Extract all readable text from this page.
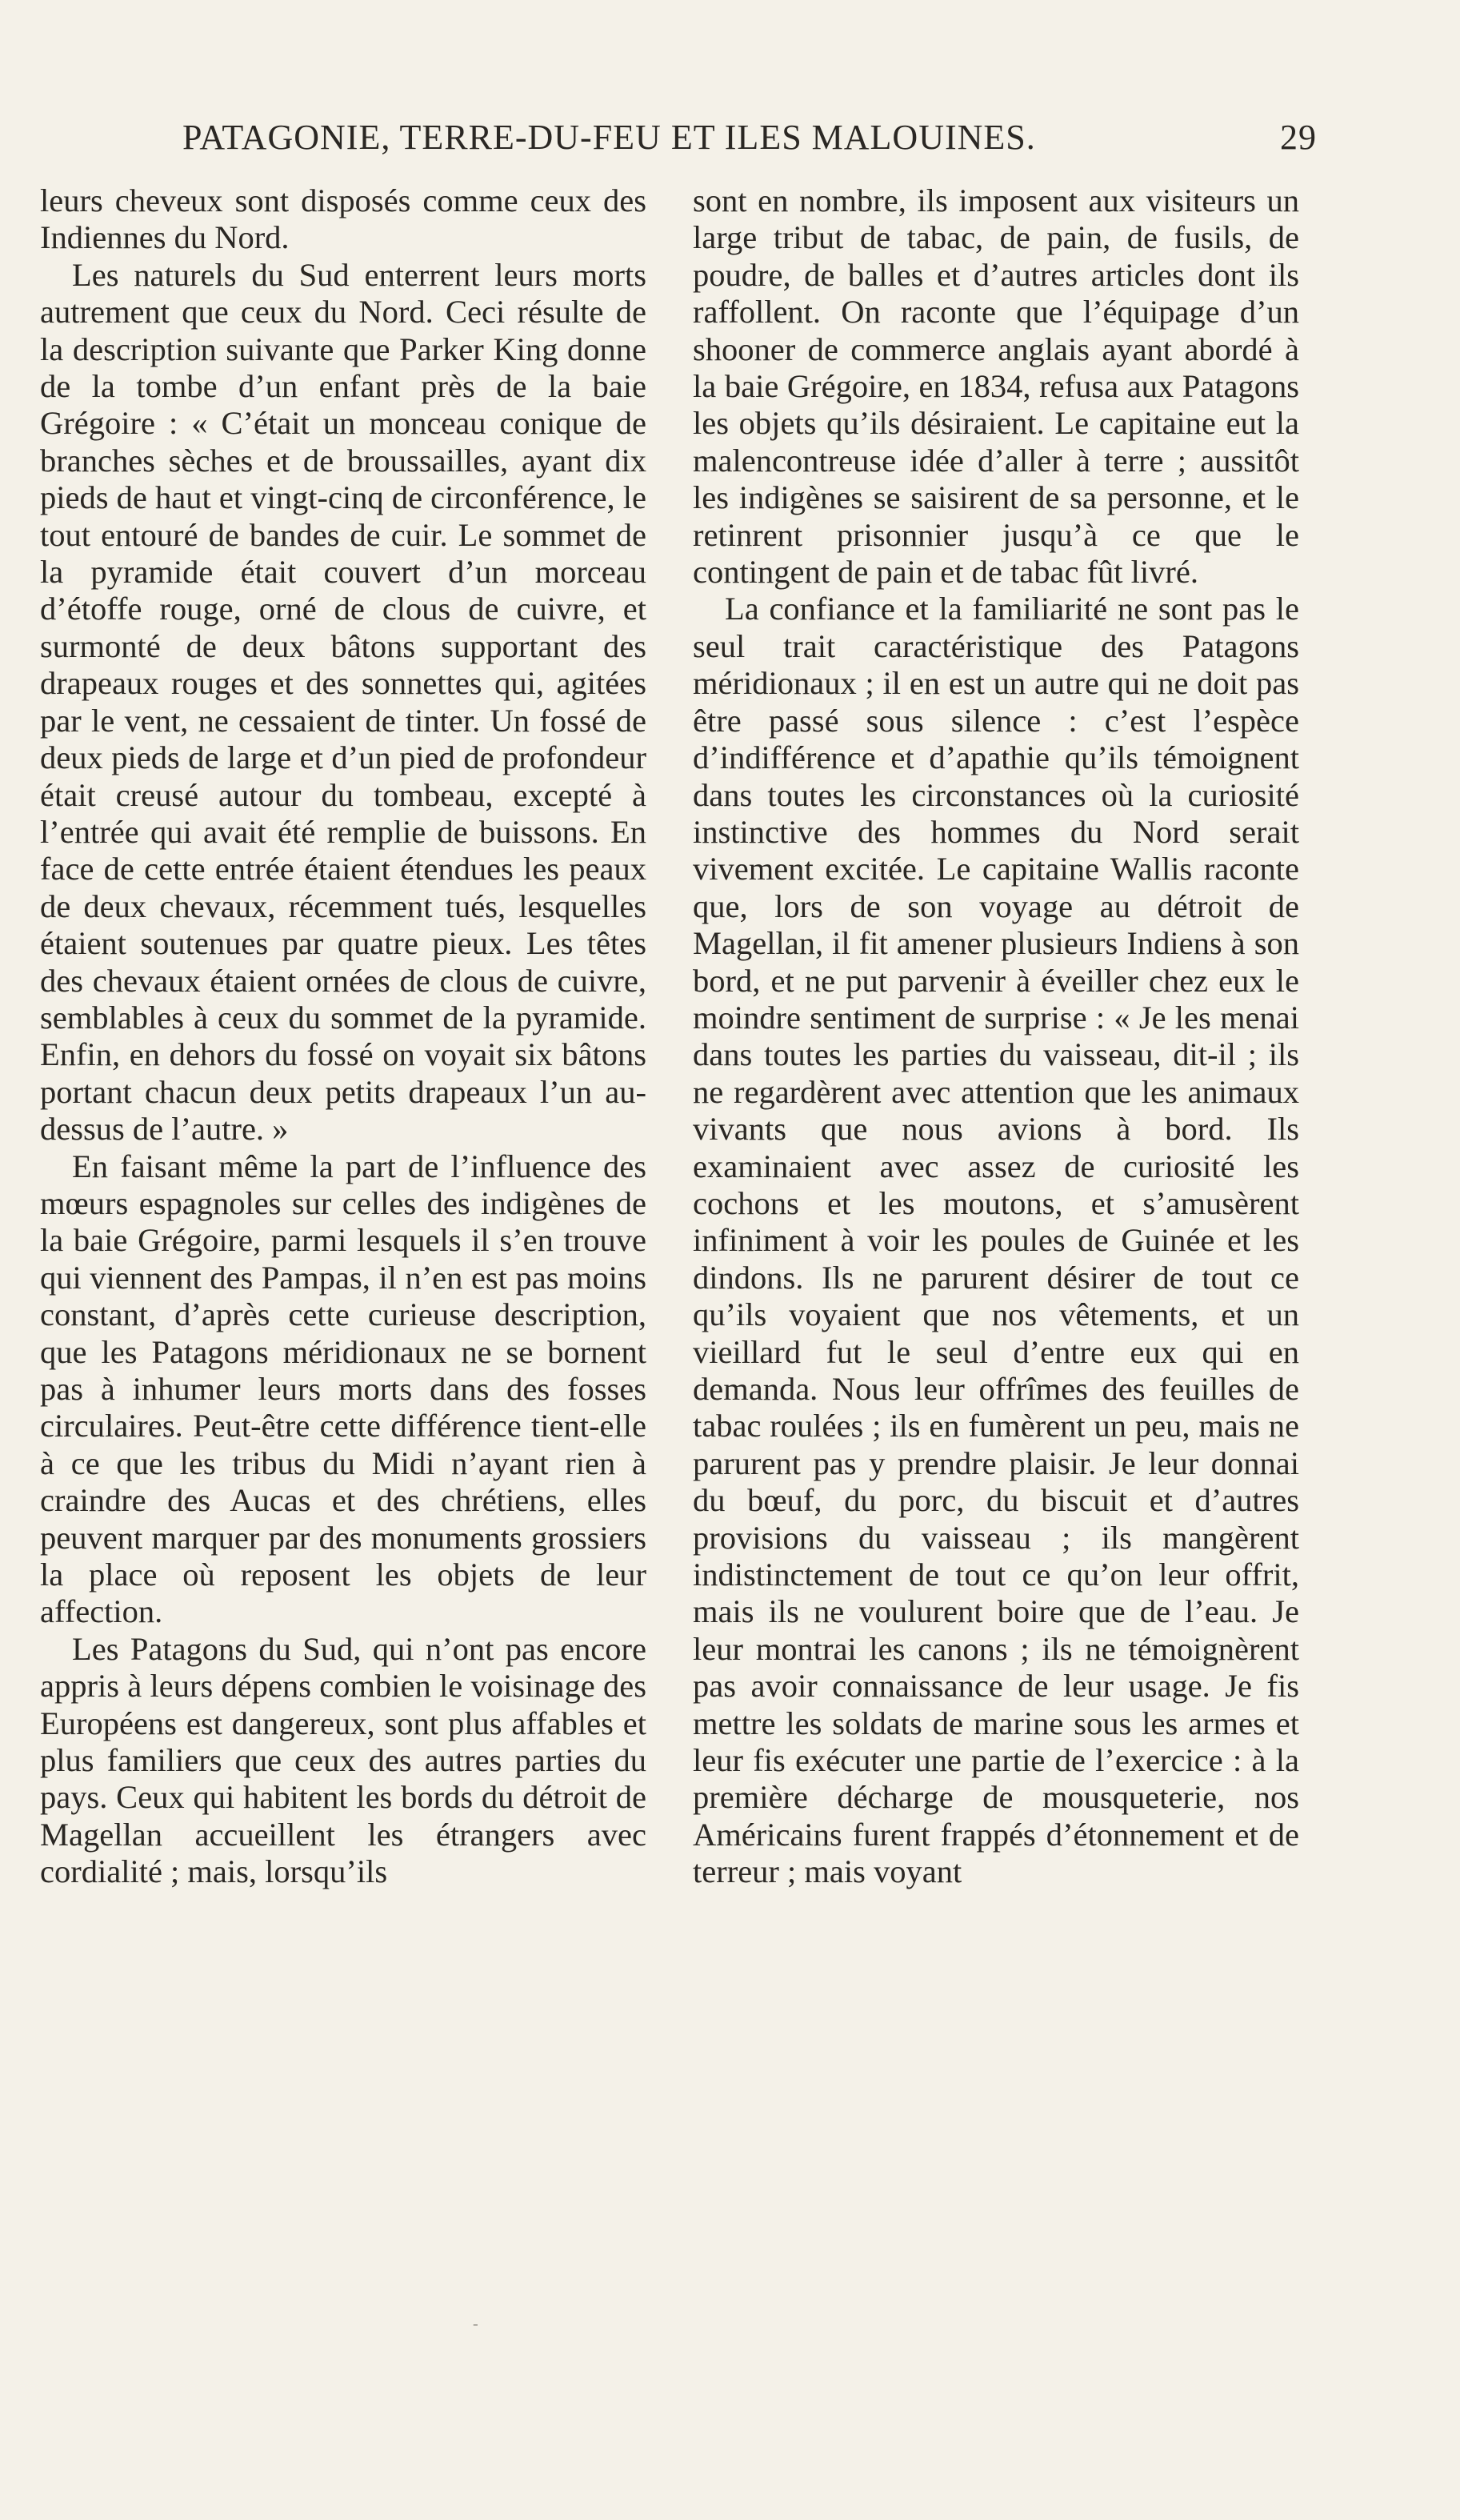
PATAGONIE, TERRE-DU-FEU ET ILES MALOUINES.	29

leurs cheveux sont disposés comme ceux des Indiennes du Nord.

Les naturels du Sud enterrent leurs morts autrement que ceux du Nord. Ceci résulte de la description suivante que Parker King donne de la tombe d’un enfant près de la baie Grégoire : « C’était un monceau conique de branches sèches et de broussailles, ayant dix pieds de haut et vingt-cinq de circonférence, le tout entouré de bandes de cuir. Le sommet de la pyramide était couvert d’un morceau d’étoffe rouge, orné de clous de cuivre, et surmonté de deux bâtons supportant des drapeaux rouges et des sonnettes qui, agitées par le vent, ne cessaient de tinter. Un fossé de deux pieds de large et d’un pied de profondeur était creusé autour du tombeau, excepté à l’entrée qui avait été remplie de buissons. En face de cette entrée étaient étendues les peaux de deux chevaux, récemment tués, lesquelles étaient soutenues par quatre pieux. Les têtes des chevaux étaient ornées de clous de cuivre, semblables à ceux du sommet de la pyramide. Enfin, en dehors du fossé on voyait six bâtons portant chacun deux petits drapeaux l’un au-dessus de l’autre. »

En faisant même la part de l’influence des mœurs espagnoles sur celles des indigènes de la baie Grégoire, parmi lesquels il s’en trouve qui viennent des Pampas, il n’en est pas moins constant, d’après cette curieuse description, que les Patagons méridionaux ne se bornent pas à inhumer leurs morts dans des fosses circulaires. Peut-être cette différence tient-elle à ce que les tribus du Midi n’ayant rien à craindre des Aucas et des chrétiens, elles peuvent marquer par des monuments grossiers la place où reposent les objets de leur affection.

Les Patagons du Sud, qui n’ont pas encore appris à leurs dépens combien le voisinage des Européens est dangereux, sont plus affables et plus familiers que ceux des autres parties du pays. Ceux qui habitent les bords du détroit de Magellan accueillent les étrangers avec cordialité ; mais, lorsqu’ils

sont en nombre, ils imposent aux visiteurs un large tribut de tabac, de pain, de fusils, de poudre, de balles et d’autres articles dont ils raffollent. On raconte que l’équipage d’un shooner de commerce anglais ayant abordé à la baie Grégoire, en 1834, refusa aux Patagons les objets qu’ils désiraient. Le capitaine eut la malencontreuse idée d’aller à terre ; aussitôt les indigènes se saisirent de sa personne, et le retinrent prisonnier jusqu’à ce que le contingent de pain et de tabac fût livré.

La confiance et la familiarité ne sont pas le seul trait caractéristique des Patagons méridionaux ; il en est un autre qui ne doit pas être passé sous silence : c’est l’espèce d’indifférence et d’apathie qu’ils témoignent dans toutes les circonstances où la curiosité instinctive des hommes du Nord serait vivement excitée. Le capitaine Wallis raconte que, lors de son voyage au détroit de Magellan, il fit amener plusieurs Indiens à son bord, et ne put parvenir à éveiller chez eux le moindre sentiment de surprise : « Je les menai dans toutes les parties du vaisseau, dit-il ; ils ne regardèrent avec attention que les animaux vivants que nous avions à bord. Ils examinaient avec assez de curiosité les cochons et les moutons, et s’amusèrent infiniment à voir les poules de Guinée et les dindons. Ils ne parurent désirer de tout ce qu’ils voyaient que nos vêtements, et un vieillard fut le seul d’entre eux qui en demanda. Nous leur offrîmes des feuilles de tabac roulées ; ils en fumèrent un peu, mais ne parurent pas y prendre plaisir. Je leur donnai du bœuf, du porc, du biscuit et d’autres provisions du vaisseau ; ils mangèrent indistinctement de tout ce qu’on leur offrit, mais ils ne voulurent boire que de l’eau. Je leur montrai les canons ; ils ne témoignèrent pas avoir connaissance de leur usage. Je fis mettre les soldats de marine sous les armes et leur fis exécuter une partie de l’exercice : à la première décharge de mousqueterie, nos Américains furent frappés d’étonnement et de terreur ; mais voyant

-
